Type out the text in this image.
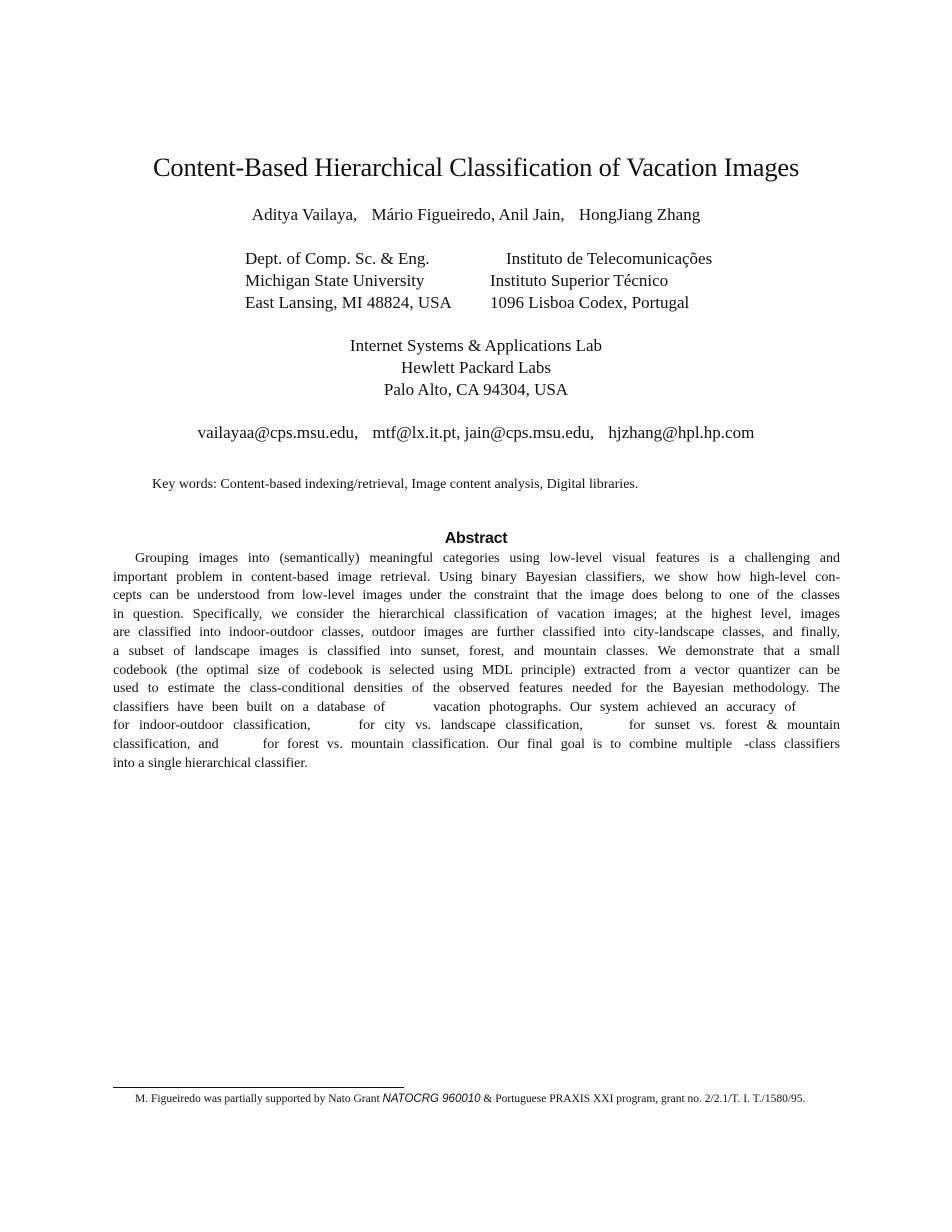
Content-Based Hierarchical Classification of Vacation Images
Aditya Vailaya, Mário Figueiredo, Anil Jain, HongJiang Zhang
Dept. of Comp. Sc. & Eng.
Michigan State University
East Lansing, MI 48824, USA
Instituto de Telecomunicações
Instituto Superior Técnico
1096 Lisboa Codex, Portugal
Internet Systems & Applications Lab
Hewlett Packard Labs
Palo Alto, CA 94304, USA
vailayaa@cps.msu.edu, mtf@lx.it.pt, jain@cps.msu.edu, hjzhang@hpl.hp.com
Key words: Content-based indexing/retrieval, Image content analysis, Digital libraries.
Abstract
Grouping images into (semantically) meaningful categories using low-level visual features is a challenging and
important problem in content-based image retrieval. Using binary Bayesian classifiers, we show how high-level con-
cepts can be understood from low-level images under the constraint that the image does belong to one of the classes
in question. Specifically, we consider the hierarchical classification of vacation images; at the highest level, images
are classified into indoor-outdoor classes, outdoor images are further classified into city-landscape classes, and finally,
a subset of landscape images is classified into sunset, forest, and mountain classes. We demonstrate that a small
codebook (the optimal size of codebook is selected using MDL principle) extracted from a vector quantizer can be
used to estimate the class-conditional densities of the observed features needed for the Bayesian methodology. The
classifiers have been built on a database of	vacation photographs. Our system achieved an accuracy of
for indoor-outdoor classification,	for city vs. landscape classification,	for sunset vs. forest & mountain
classification, and	for forest vs. mountain classification. Our final goal is to combine multiple -class classifiers
into a single hierarchical classifier.
M. Figueiredo was partially supported by Nato Grant NATOCRG 960010 & Portuguese PRAXIS XXI program, grant no. 2/2.1/T. I. T./1580/95.
